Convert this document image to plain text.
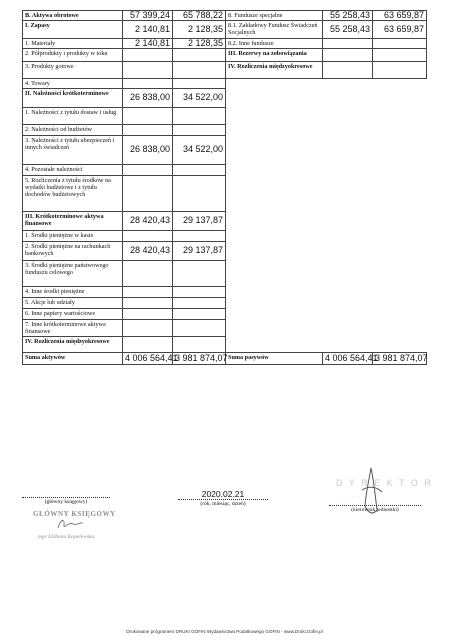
B. Aktywa obrotowe	57 399,24	65 788,22	8. Fundusze specjalne	55 258,43	63 659,87
I. Zapasy	2 140,81	2 128,35	8.1. Zakładowy Fundusz Świadczeń Socjalnych	55 258,43	63 659,87
1. Materiały	2 140,81	2 128,35	8.2. Inne fundusze		
2. Półprodukty i produkty w toku			III. Rezerwy na zobowiązania		
3. Produkty gotowe			IV. Rozliczenia międzyokresowe		
4. Towary					
II. Należności krótkoterminowe	26 838,00	34 522,00			
1. Należności z tytułu dostaw i usług					
2. Należności od budżetów					
3. Należności z tytułu ubezpieczeń i innych świadczeń	26 838,00	34 522,00			
4. Pozostałe należności					
5. Rozliczenia z tytułu środków na wydatki budżetowe i z tytułu dochodów budżetowych					
III. Krótkoterminowe aktywa finansowe	28 420,43	29 137,87			
1. Środki pieniężne w kasie					
2. Środki pieniężne na rachunkach bankowych	28 420,43	29 137,87			
3. Środki pieniężne państwowego funduszu celowego					
4. Inne środki pieniężne					
5. Akcje lub udziały					
6. Inne papiery wartościowe					
7. Inne krótkoterminowe aktywa finansowe					
IV. Rozliczenia międzyokresowe					
Suma aktywów	4 006 564,41	3 981 874,07	Suma pasywów	4 006 564,41	3 981 874,07
(główny księgowy)
GŁÓWNY KSIĘGOWY
mgr Elżbieta Kopelewska
2020.02.21
(rok, miesiąc, dzień)
D Y R E K T O R
. . . . . . . . .
(kierownik jednostki)
Drukowane programem DRUKI GOFIN Wydawnictwa Podatkowego GOFIN - www.Druki.Gofin.pl
